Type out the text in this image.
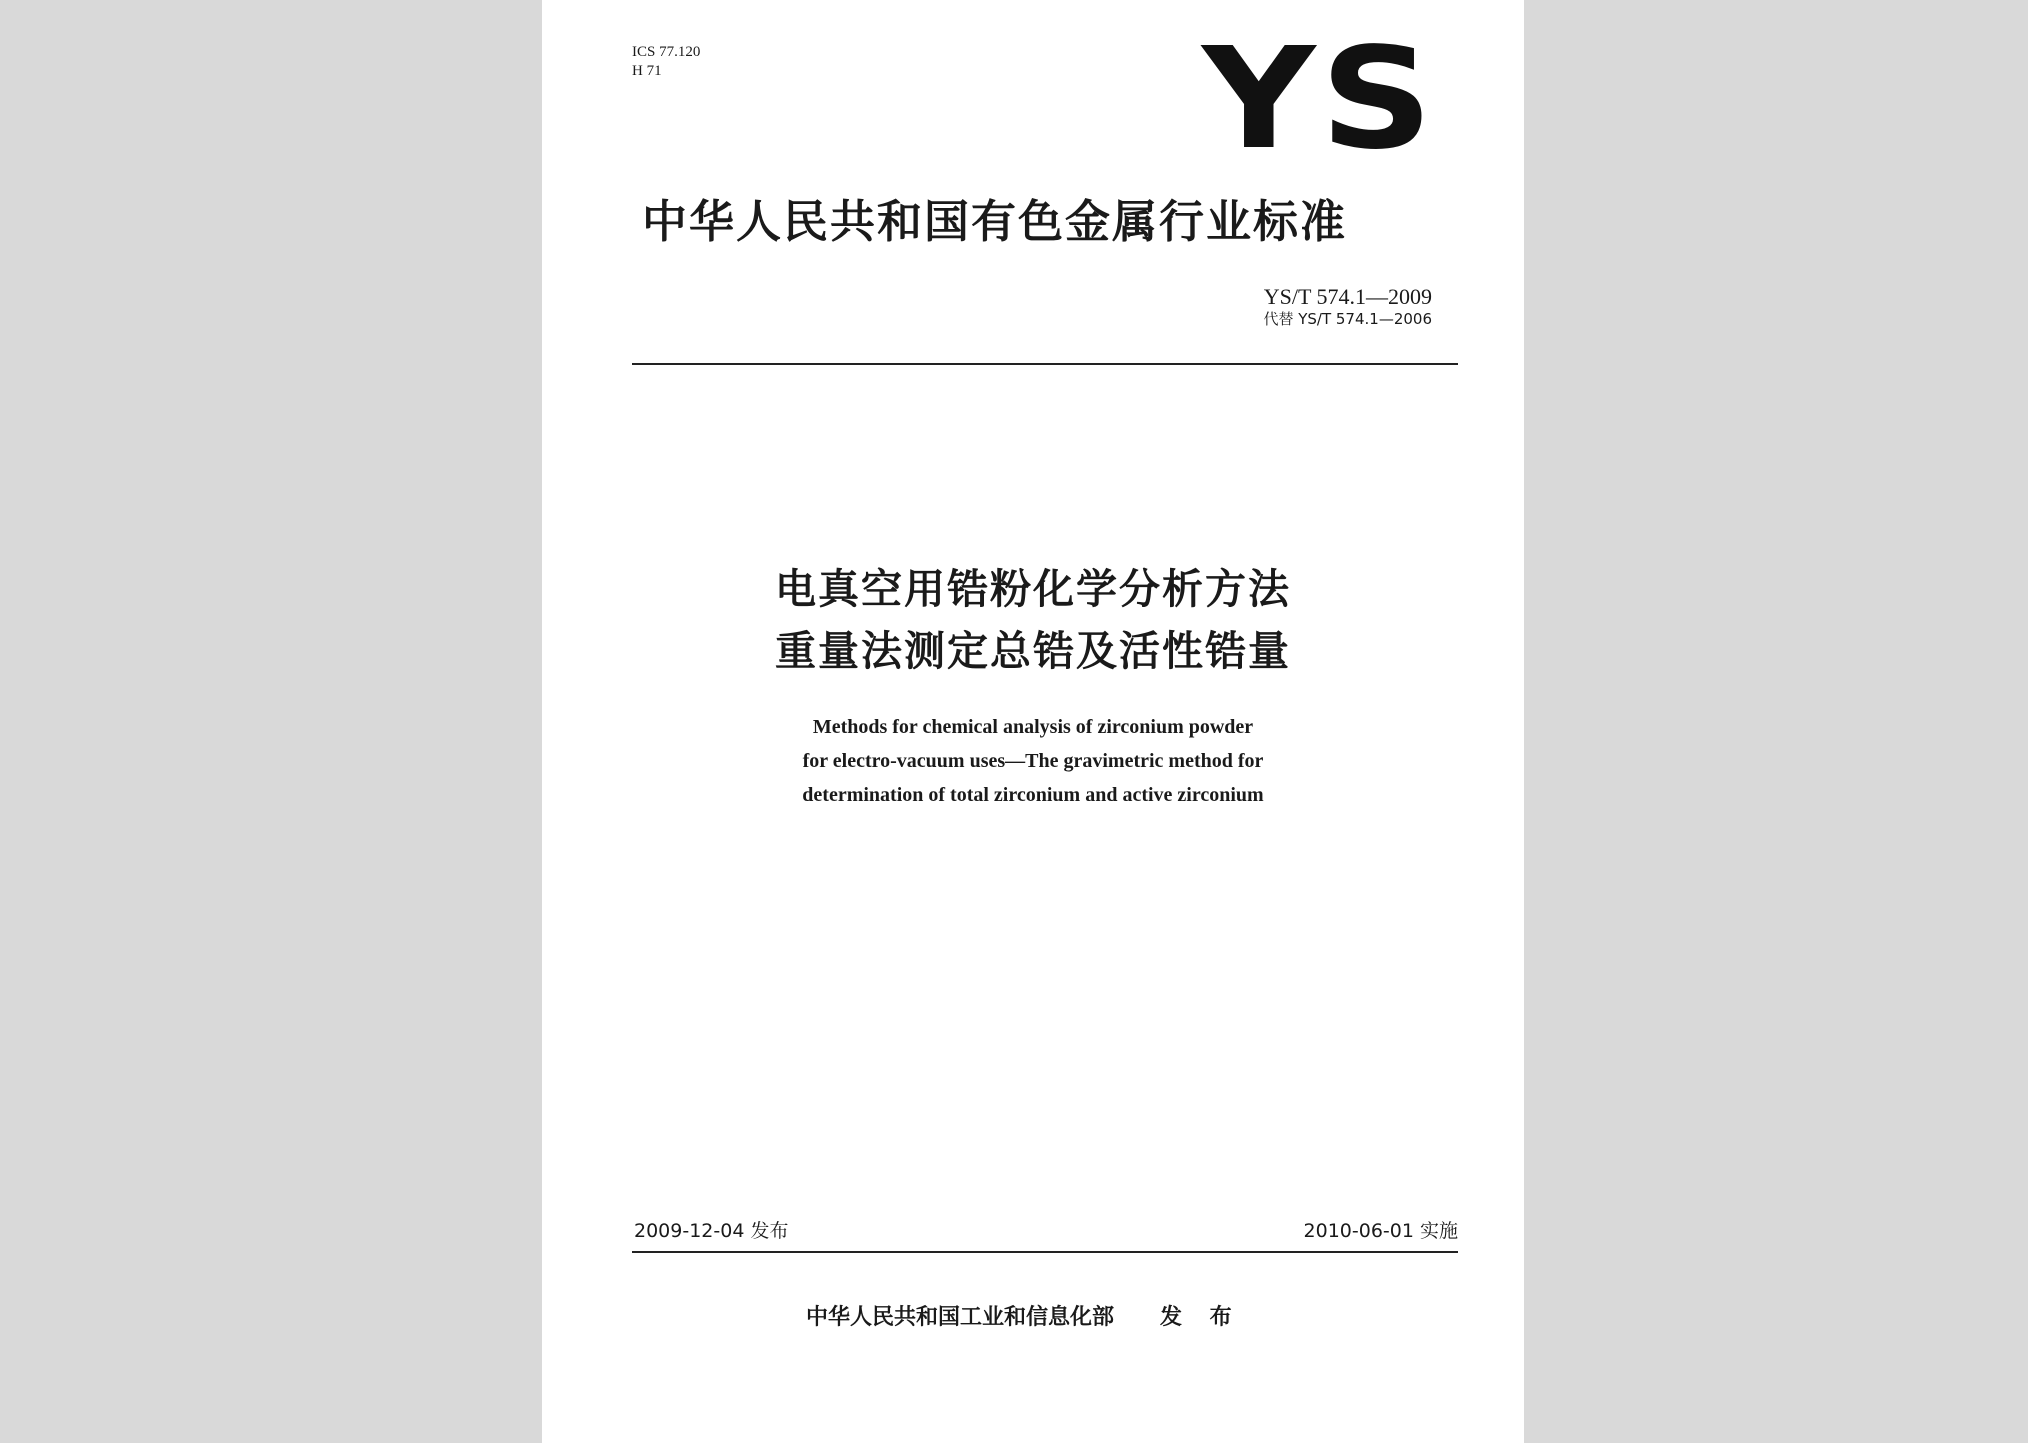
ICS 77.120
H 71	YS
中华人民共和国有色金属行业标准
YS/T 574.1—2009
代替 YS/T 574.1—2006
电真空用锆粉化学分析方法
重量法测定总锆及活性锆量
Methods for chemical analysis of zirconium powder
for electro-vacuum uses—The gravimetric method for
determination of total zirconium and active zirconium
2009-12-04 发布	2010-06-01 实施
中华人民共和国工业和信息化部 发 布
